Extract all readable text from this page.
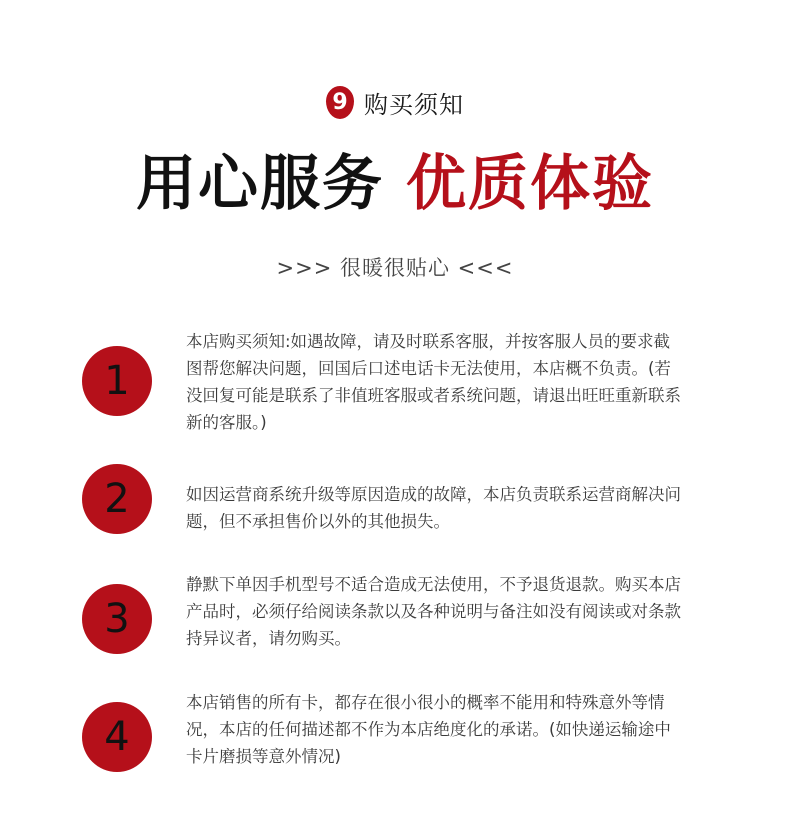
9 购买须知
用心服务 优质体验
>>> 很暖很贴心 <<<
1
本店购买须知:如遇故障，请及时联系客服，并按客服人员的要求截图帮您解决问题，回国后口述电话卡无法使用，本店概不负责。(若没回复可能是联系了非值班客服或者系统问题，请退出旺旺重新联系新的客服。)
2	如因运营商系统升级等原因造成的故障，本店负责联系运营商解决问题，但不承担售价以外的其他损失。
3
静默下单因手机型号不适合造成无法使用，不予退货退款。购买本店产品时，必须仔给阅读条款以及各种说明与备注如没有阅读或对条款持异议者，请勿购买。
4
本店销售的所有卡，都存在很小很小的概率不能用和特殊意外等情况，本店的任何描述都不作为本店绝度化的承诺。(如快递运输途中卡片磨损等意外情况)
